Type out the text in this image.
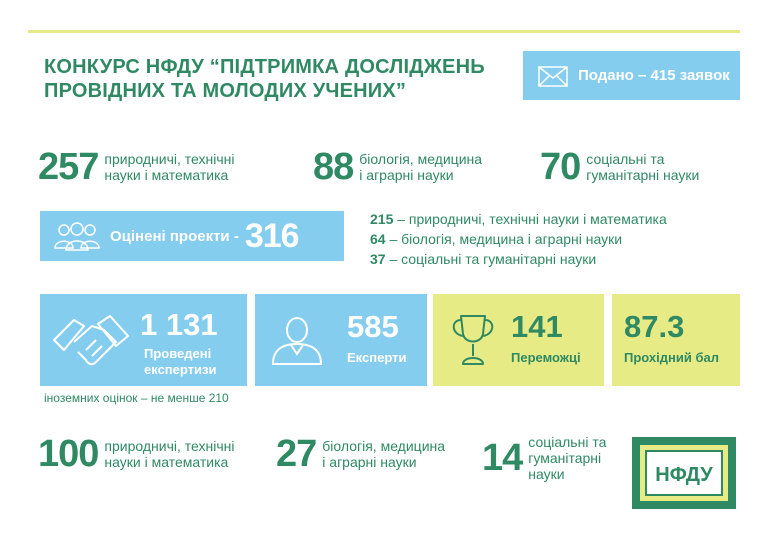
КОНКУРС НФДУ “ПІДТРИМКА ДОСЛІДЖЕНЬ ПРОВІДНИХ ТА МОЛОДИХ УЧЕНИХ”
Подано – 415 заявок
257 природничі, технічні
науки і математика 88 біологія, медицина
і аграрні науки	70 соціальні та
гуманітарні науки
Оцінені проекти - 316	215 – природничі, технічні науки і математика
64 – біологія, медицина і аграрні науки
37 – соціальні та гуманітарні науки
1 131
Проведені
експертизи
585
Експерти
141
Переможці
87.3
Прохідний бал
іноземних оцінок – не менше 210
100 природничі, технічні
науки і математика 27 біологія, медицина
і аграрні науки	14 соціальні та
гуманітарні
науки	НФДУ
